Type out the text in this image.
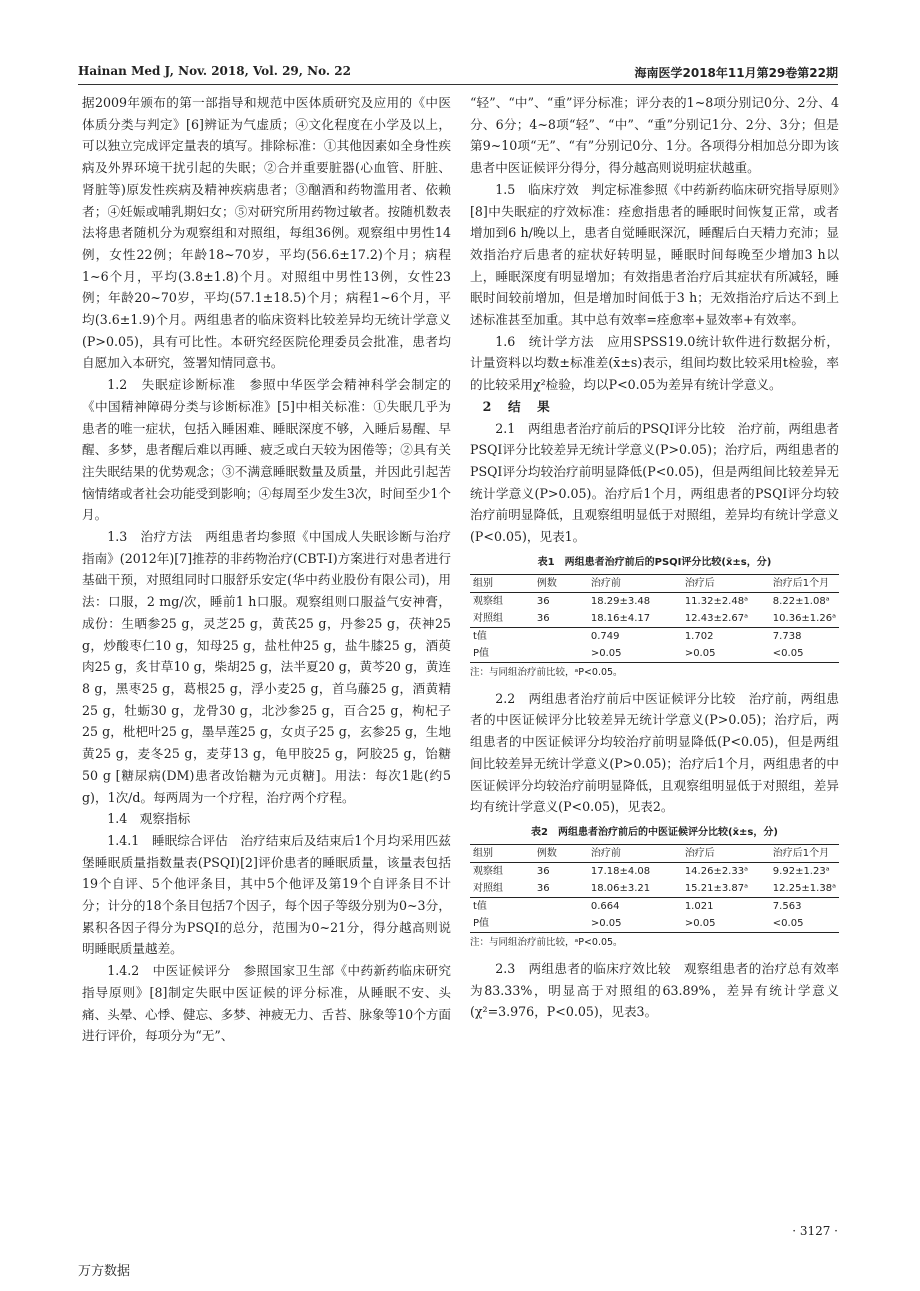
Hainan Med J, Nov. 2018, Vol. 29, No. 22	海南医学2018年11月第29卷第22期

据2009年颁布的第一部指导和规范中医体质研究及应用的《中医体质分类与判定》[6]辨证为气虚质；④文化程度在小学及以上，可以独立完成评定量表的填写。排除标准：①其他因素如全身性疾病及外界环境干扰引起的失眠；②合并重要脏器(心血管、肝脏、肾脏等)原发性疾病及精神疾病患者；③酗酒和药物滥用者、依赖者；④妊娠或哺乳期妇女；⑤对研究所用药物过敏者。按随机数表法将患者随机分为观察组和对照组，每组36例。观察组中男性14例，女性22例；年龄18~70岁，平均(56.6±17.2)个月；病程1~6个月，平均(3.8±1.8)个月。对照组中男性13例，女性23例；年龄20~70岁，平均(57.1±18.5)个月；病程1~6个月，平均(3.6±1.9)个月。两组患者的临床资料比较差异均无统计学意义(P>0.05)，具有可比性。本研究经医院伦理委员会批准，患者均自愿加入本研究，签署知情同意书。

1.2　失眠症诊断标准　参照中华医学会精神科学会制定的《中国精神障碍分类与诊断标准》[5]中相关标准：①失眠几乎为患者的唯一症状，包括入睡困难、睡眠深度不够，入睡后易醒、早醒、多梦，患者醒后难以再睡、疲乏或白天较为困倦等；②具有关注失眠结果的优势观念；③不满意睡眠数量及质量，并因此引起苦恼情绪或者社会功能受到影响；④每周至少发生3次，时间至少1个月。

1.3　治疗方法　两组患者均参照《中国成人失眠诊断与治疗指南》(2012年)[7]推荐的非药物治疗(CBT-I)方案进行对患者进行基础干预，对照组同时口服舒乐安定(华中药业股份有限公司)，用法：口服，2 mg/次，睡前1 h口服。观察组则口服益气安神膏，成份：生晒参25 g，灵芝25 g，黄芪25 g，丹参25 g，茯神25 g，炒酸枣仁10 g，知母25 g，盐杜仲25 g，盐牛膝25 g，酒萸肉25 g，炙甘草10 g，柴胡25 g，法半夏20 g，黄芩20 g，黄连8 g，黑枣25 g，葛根25 g，浮小麦25 g，首乌藤25 g，酒黄精25 g，牡蛎30 g，龙骨30 g，北沙参25 g，百合25 g，枸杞子25 g，枇杷叶25 g，墨旱莲25 g，女贞子25 g，玄参25 g，生地黄25 g，麦冬25 g，麦芽13 g，龟甲胶25 g，阿胶25 g，饴糖50 g [糖尿病(DM)患者改饴糖为元贞糖]。用法：每次1匙(约5 g)，1次/d。每两周为一个疗程，治疗两个疗程。

1.4　观察指标

1.4.1　睡眠综合评估　治疗结束后及结束后1个月均采用匹兹堡睡眠质量指数量表(PSQI)[2]评价患者的睡眠质量，该量表包括19个自评、5个他评条目，其中5个他评及第19个自评条目不计分；计分的18个条目包括7个因子，每个因子等级分别为0~3分，累积各因子得分为PSQI的总分，范围为0~21分，得分越高则说明睡眠质量越差。

1.4.2　中医证候评分　参照国家卫生部《中药新药临床研究指导原则》[8]制定失眠中医证候的评分标准，从睡眠不安、头痛、头晕、心悸、健忘、多梦、神疲无力、舌苔、脉象等10个方面进行评价，每项分为“无”、

“轻”、“中”、“重”评分标准；评分表的1~8项分别记0分、2分、4分、6分；4~8项“轻”、“中”、“重”分别记1分、2分、3分；但是第9~10项“无”、“有”分别记0分、1分。各项得分相加总分即为该患者中医证候评分得分，得分越高则说明症状越重。

1.5　临床疗效　判定标准参照《中药新药临床研究指导原则》[8]中失眠症的疗效标准：痊愈指患者的睡眠时间恢复正常，或者增加到6 h/晚以上，患者自觉睡眠深沉，睡醒后白天精力充沛；显效指治疗后患者的症状好转明显，睡眠时间每晚至少增加3 h以上，睡眠深度有明显增加；有效指患者治疗后其症状有所减轻，睡眠时间较前增加，但是增加时间低于3 h；无效指治疗后达不到上述标准甚至加重。其中总有效率=痊愈率+显效率+有效率。

1.6　统计学方法　应用SPSS19.0统计软件进行数据分析，计量资料以均数±标准差(x̄±s)表示，组间均数比较采用t检验，率的比较采用χ²检验，均以P<0.05为差异有统计学意义。

2　结　果

2.1　两组患者治疗前后的PSQI评分比较　治疗前，两组患者PSQI评分比较差异无统计学意义(P>0.05)；治疗后，两组患者的PSQI评分均较治疗前明显降低(P<0.05)，但是两组间比较差异无统计学意义(P>0.05)。治疗后1个月，两组患者的PSQI评分均较治疗前明显降低，且观察组明显低于对照组，差异均有统计学意义(P<0.05)，见表1。

表1　两组患者治疗前后的PSQI评分比较(x̄±s，分)
组别	例数	治疗前	治疗后	治疗后1个月
观察组	36	18.29±3.48	11.32±2.48ᵃ	8.22±1.08ᵃ
对照组	36	18.16±4.17	12.43±2.67ᵃ	10.36±1.26ᵃ
t值		0.749	1.702	7.738
P值		>0.05	>0.05	<0.05
注：与同组治疗前比较，ᵃP<0.05。

2.2　两组患者治疗前后中医证候评分比较　治疗前，两组患者的中医证候评分比较差异无统计学意义(P>0.05)；治疗后，两组患者的中医证候评分均较治疗前明显降低(P<0.05)，但是两组间比较差异无统计学意义(P>0.05)；治疗后1个月，两组患者的中医证候评分均较治疗前明显降低，且观察组明显低于对照组，差异均有统计学意义(P<0.05)，见表2。

表2　两组患者治疗前后的中医证候评分比较(x̄±s，分)
组别	例数	治疗前	治疗后	治疗后1个月
观察组	36	17.18±4.08	14.26±2.33ᵃ	9.92±1.23ᵃ
对照组	36	18.06±3.21	15.21±3.87ᵃ	12.25±1.38ᵃ
t值		0.664	1.021	7.563
P值		>0.05	>0.05	<0.05
注：与同组治疗前比较，ᵃP<0.05。

2.3　两组患者的临床疗效比较　观察组患者的治疗总有效率为83.33%，明显高于对照组的63.89%，差异有统计学意义(χ²=3.976，P<0.05)，见表3。

· 3127 ·
万方数据
